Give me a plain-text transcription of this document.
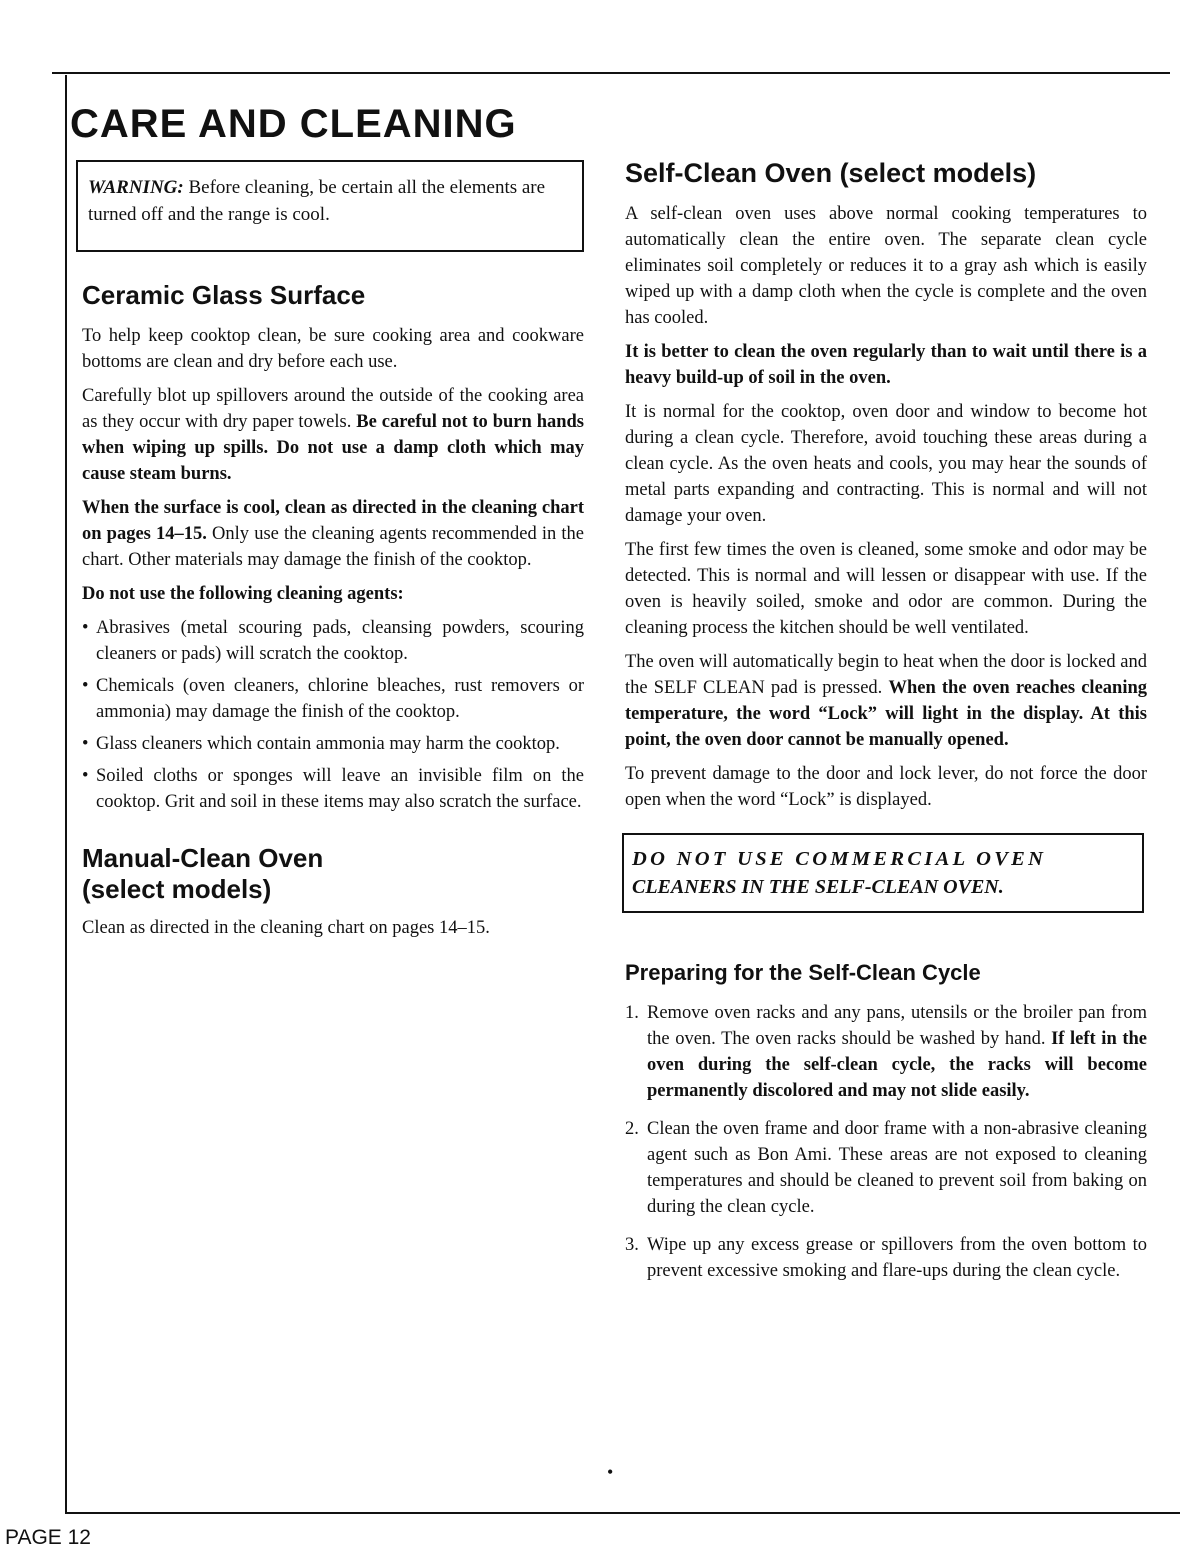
CARE AND CLEANING
WARNING: Before cleaning, be certain all the elements are turned off and the range is cool.
Ceramic Glass Surface

To help keep cooktop clean, be sure cooking area and cookware bottoms are clean and dry before each use.

Carefully blot up spillovers around the outside of the cooking area as they occur with dry paper towels. Be careful not to burn hands when wiping up spills. Do not use a damp cloth which may cause steam burns.

When the surface is cool, clean as directed in the cleaning chart on pages 14–15. Only use the cleaning agents recommended in the chart. Other materials may damage the finish of the cooktop.

Do not use the following cleaning agents:

• Abrasives (metal scouring pads, cleansing powders, scouring cleaners or pads) will scratch the cooktop.
• Chemicals (oven cleaners, chlorine bleaches, rust removers or ammonia) may damage the finish of the cooktop.
• Glass cleaners which contain ammonia may harm the cooktop.
• Soiled cloths or sponges will leave an invisible film on the cooktop. Grit and soil in these items may also scratch the surface.
Manual-Clean Oven
(select models)

Clean as directed in the cleaning chart on pages 14–15.

Self-Clean Oven (select models)

A self-clean oven uses above normal cooking temperatures to automatically clean the entire oven. The separate clean cycle eliminates soil completely or reduces it to a gray ash which is easily wiped up with a damp cloth when the cycle is complete and the oven has cooled.

It is better to clean the oven regularly than to wait until there is a heavy build-up of soil in the oven.

It is normal for the cooktop, oven door and window to become hot during a clean cycle. Therefore, avoid touching these areas during a clean cycle. As the oven heats and cools, you may hear the sounds of metal parts expanding and contracting. This is normal and will not damage your oven.

The first few times the oven is cleaned, some smoke and odor may be detected. This is normal and will lessen or disappear with use. If the oven is heavily soiled, smoke and odor are common. During the cleaning process the kitchen should be well ventilated.

The oven will automatically begin to heat when the door is locked and the SELF CLEAN pad is pressed. When the oven reaches cleaning temperature, the word “Lock” will light in the display. At this point, the oven door cannot be manually opened.

To prevent damage to the door and lock lever, do not force the door open when the word “Lock” is displayed.

DO NOT USE COMMERCIAL OVEN
CLEANERS IN THE SELF-CLEAN OVEN.
Preparing for the Self-Clean Cycle
1. Remove oven racks and any pans, utensils or the broiler pan from the oven. The oven racks should be washed by hand. If left in the oven during the self-clean cycle, the racks will become permanently discolored and may not slide easily.
2. Clean the oven frame and door frame with a non-abrasive cleaning agent such as Bon Ami. These areas are not exposed to cleaning temperatures and should be cleaned to prevent soil from baking on during the clean cycle.
3. Wipe up any excess grease or spillovers from the oven bottom to prevent excessive smoking and flare-ups during the clean cycle.
•
PAGE 12
